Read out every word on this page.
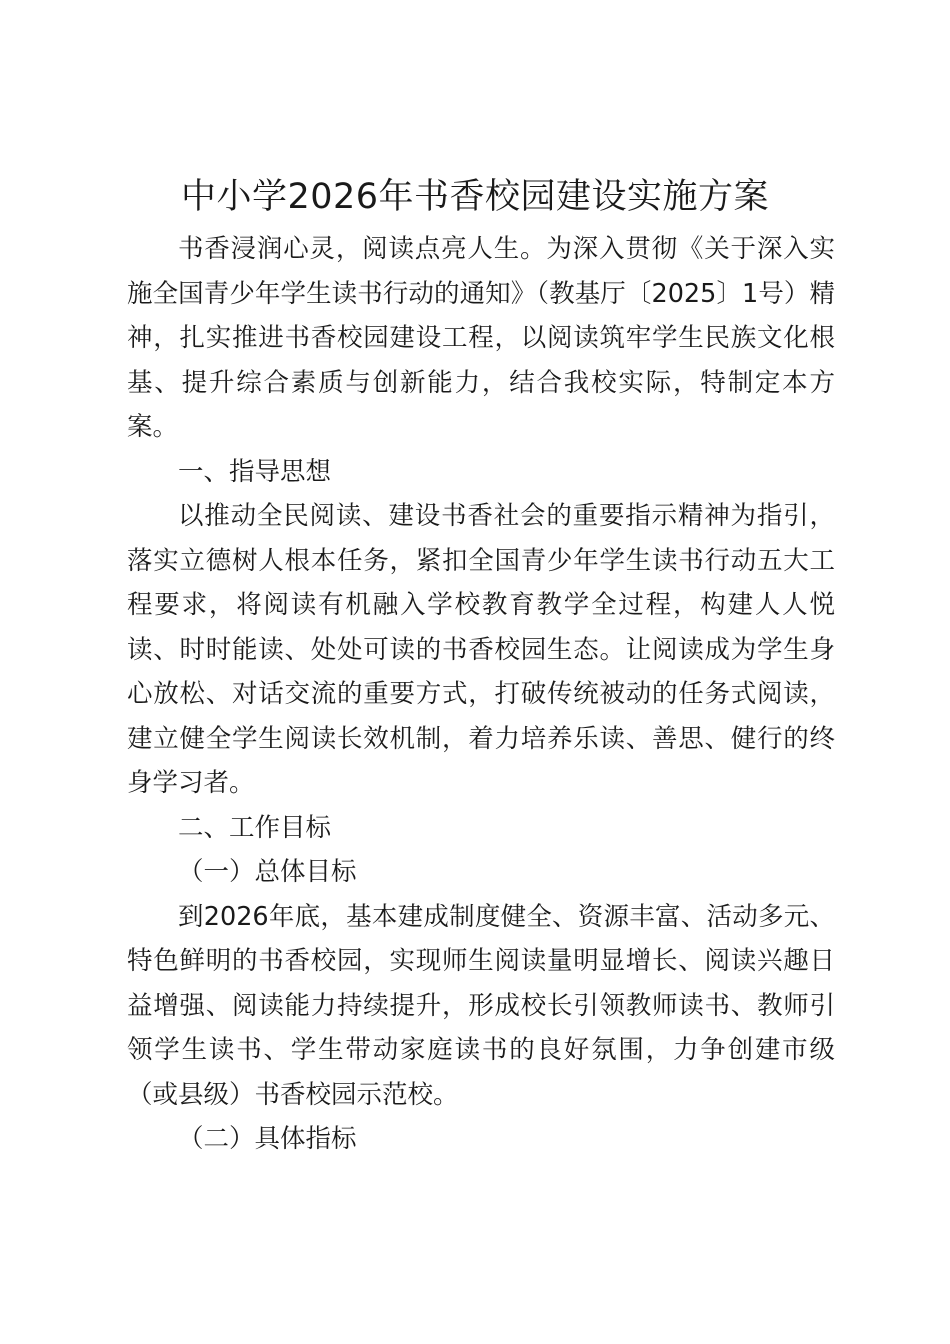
中小学2026年书香校园建设实施方案

书香浸润心灵，阅读点亮人生。为深入贯彻《关于深入实施全国青少年学生读书行动的通知》（教基厅〔2025〕1号）精神，扎实推进书香校园建设工程，以阅读筑牢学生民族文化根基、提升综合素质与创新能力，结合我校实际，特制定本方案。

一、指导思想

以推动全民阅读、建设书香社会的重要指示精神为指引，落实立德树人根本任务，紧扣全国青少年学生读书行动五大工程要求，将阅读有机融入学校教育教学全过程，构建人人悦读、时时能读、处处可读的书香校园生态。让阅读成为学生身心放松、对话交流的重要方式，打破传统被动的任务式阅读，建立健全学生阅读长效机制，着力培养乐读、善思、健行的终身学习者。

二、工作目标

（一）总体目标

到2026年底，基本建成制度健全、资源丰富、活动多元、特色鲜明的书香校园，实现师生阅读量明显增长、阅读兴趣日益增强、阅读能力持续提升，形成校长引领教师读书、教师引领学生读书、学生带动家庭读书的良好氛围，力争创建市级（或县级）书香校园示范校。

（二）具体指标
